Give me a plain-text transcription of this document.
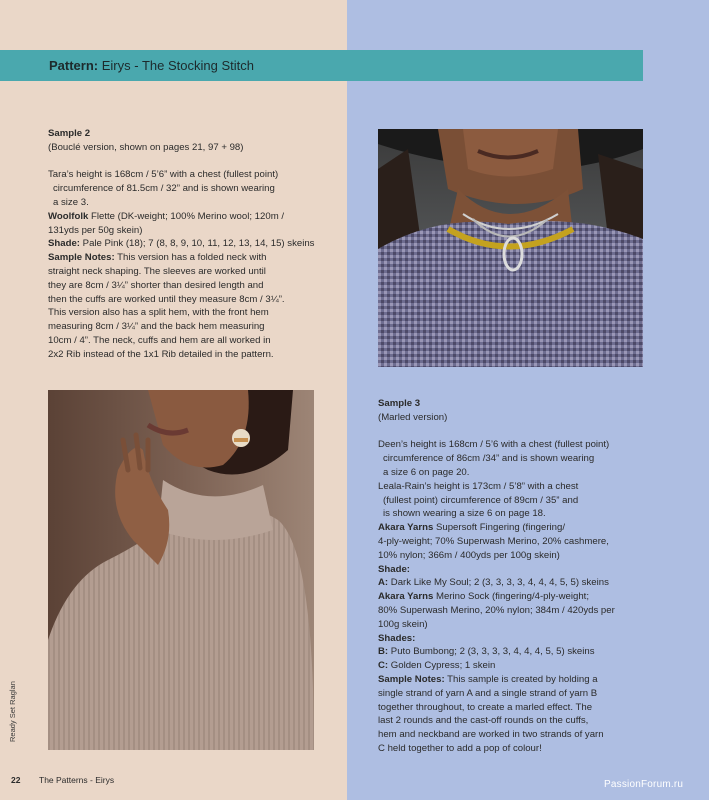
Pattern: Eirys - The Stocking Stitch

Sample 2

(Bouclé version, shown on pages 21, 97 + 98)

Tara’s height is 168cm / 5’6” with a chest (fullest point)

circumference of 81.5cm / 32” and is shown wearing

a size 3.

Woolfolk Flette (DK-weight; 100% Merino wool; 120m /

131yds per 50g skein)

Shade: Pale Pink (18); 7 (8, 8, 9, 10, 11, 12, 13, 14, 15) skeins

Sample Notes: This version has a folded neck with

straight neck shaping. The sleeves are worked until

they are 8cm / 3¼” shorter than desired length and

then the cuffs are worked until they measure 8cm / 3¼”.

This version also has a split hem, with the front hem

measuring 8cm / 3¼” and the back hem measuring

10cm / 4”. The neck, cuffs and hem are all worked in

2x2 Rib instead of the 1x1 Rib detailed in the pattern.

Sample 3

(Marled version)

Deen’s height is 168cm / 5’6 with a chest (fullest point)

circumference of 86cm /34” and is shown wearing

a size 6 on page 20.

Leala-Rain’s height is 173cm / 5’8” with a chest

(fullest point) circumference of 89cm / 35” and

is shown wearing a size 6 on page 18.

Akara Yarns Supersoft Fingering (fingering/

4-ply-weight; 70% Superwash Merino, 20% cashmere,

10% nylon; 366m / 400yds per 100g skein)

Shade:

A: Dark Like My Soul; 2 (3, 3, 3, 3, 4, 4, 4, 5, 5) skeins

Akara Yarns Merino Sock (fingering/4-ply-weight;

80% Superwash Merino, 20% nylon; 384m / 420yds per

100g skein)

Shades:

B: Puto Bumbong; 2 (3, 3, 3, 3, 4, 4, 4, 5, 5) skeins

C: Golden Cypress; 1 skein

Sample Notes: This sample is created by holding a

single strand of yarn A and a single strand of yarn B

together throughout, to create a marled effect. The

last 2 rounds and the cast-off rounds on the cuffs,

hem and neckband are worked in two strands of yarn

C held together to add a pop of colour!

Ready Set Raglan
22 The Patterns - Eirys	PassionForum.ru
